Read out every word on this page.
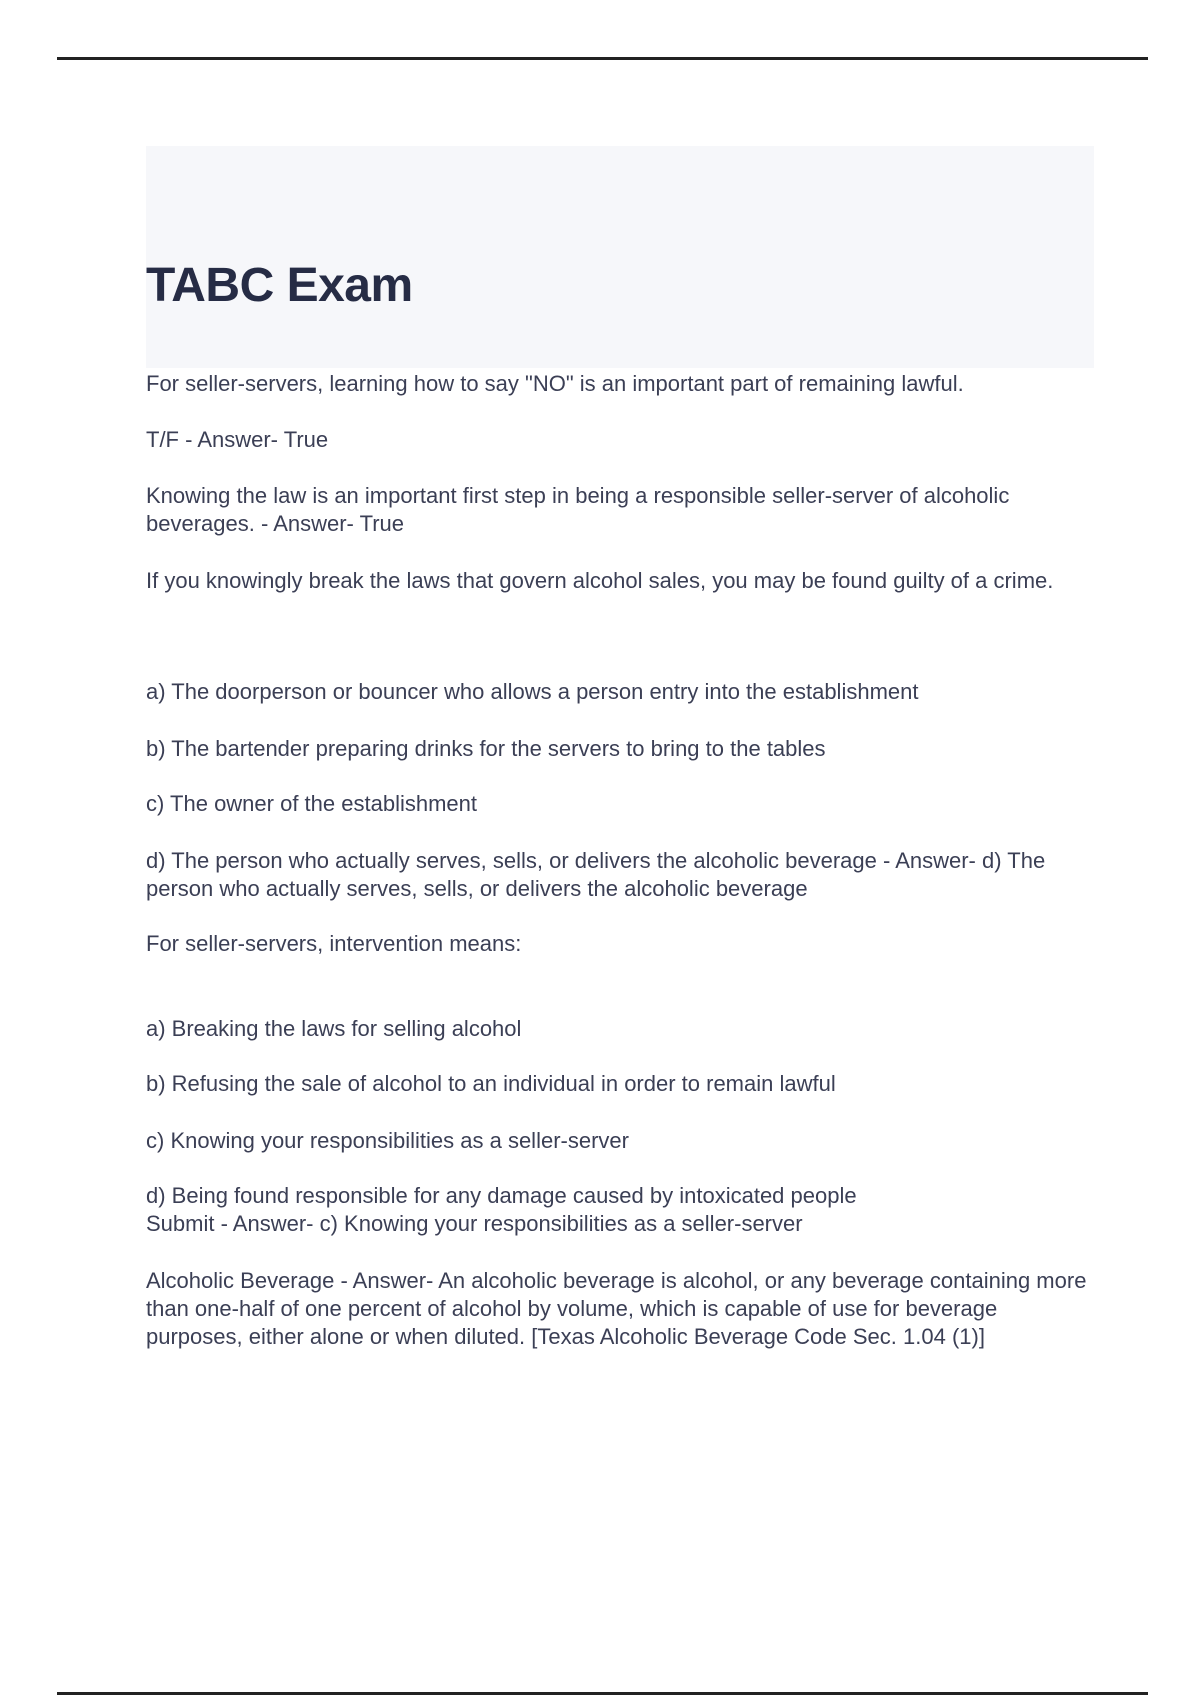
TABC Exam

For seller-servers, learning how to say "NO" is an important part of remaining lawful.

T/F - Answer- True

Knowing the law is an important first step in being a responsible seller-server of alcoholic beverages. - Answer- True

If you knowingly break the laws that govern alcohol sales, you may be found guilty of a crime.

a) The doorperson or bouncer who allows a person entry into the establishment

b) The bartender preparing drinks for the servers to bring to the tables

c) The owner of the establishment

d) The person who actually serves, sells, or delivers the alcoholic beverage - Answer- d) The person who actually serves, sells, or delivers the alcoholic beverage

For seller-servers, intervention means:

a) Breaking the laws for selling alcohol

b) Refusing the sale of alcohol to an individual in order to remain lawful

c) Knowing your responsibilities as a seller-server

d) Being found responsible for any damage caused by intoxicated people

Submit - Answer- c) Knowing your responsibilities as a seller-server

Alcoholic Beverage - Answer- An alcoholic beverage is alcohol, or any beverage containing more than one-half of one percent of alcohol by volume, which is capable of use for beverage purposes, either alone or when diluted. [Texas Alcoholic Beverage Code Sec. 1.04 (1)]
